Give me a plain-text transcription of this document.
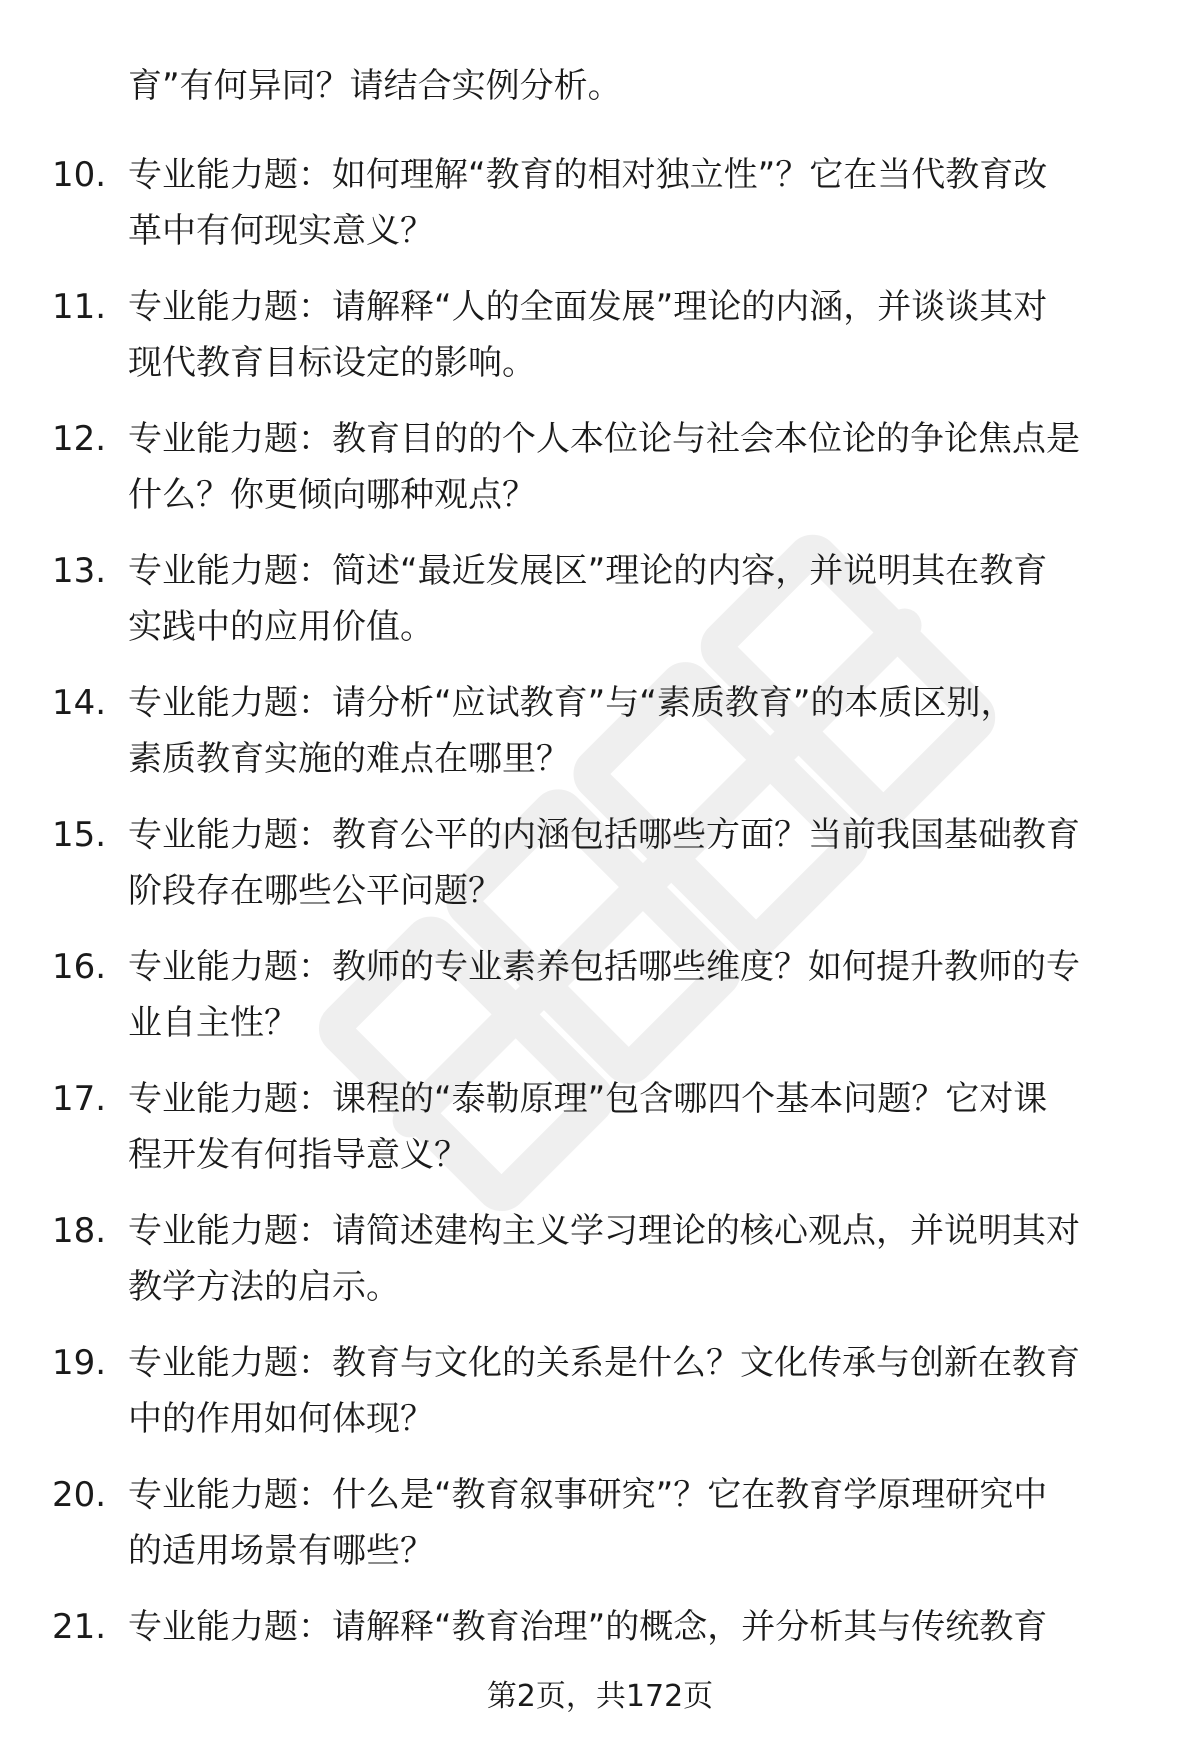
育”有何异同？请结合实例分析。
10. 专业能力题：如何理解“教育的相对独立性”？它在当代教育改
革中有何现实意义？
11. 专业能力题：请解释“人的全面发展”理论的内涵，并谈谈其对
现代教育目标设定的影响。
12. 专业能力题：教育目的的个人本位论与社会本位论的争论焦点是
什么？你更倾向哪种观点？
13. 专业能力题：简述“最近发展区”理论的内容，并说明其在教育
实践中的应用价值。
14. 专业能力题：请分析“应试教育”与“素质教育”的本质区别，
素质教育实施的难点在哪里？
15. 专业能力题：教育公平的内涵包括哪些方面？当前我国基础教育
阶段存在哪些公平问题？
16. 专业能力题：教师的专业素养包括哪些维度？如何提升教师的专
业自主性？
17. 专业能力题：课程的“泰勒原理”包含哪四个基本问题？它对课
程开发有何指导意义？
18. 专业能力题：请简述建构主义学习理论的核心观点，并说明其对
教学方法的启示。
19. 专业能力题：教育与文化的关系是什么？文化传承与创新在教育
中的作用如何体现？
20. 专业能力题：什么是“教育叙事研究”？它在教育学原理研究中
的适用场景有哪些？
21. 专业能力题：请解释“教育治理”的概念，并分析其与传统教育
第2页，共172页
